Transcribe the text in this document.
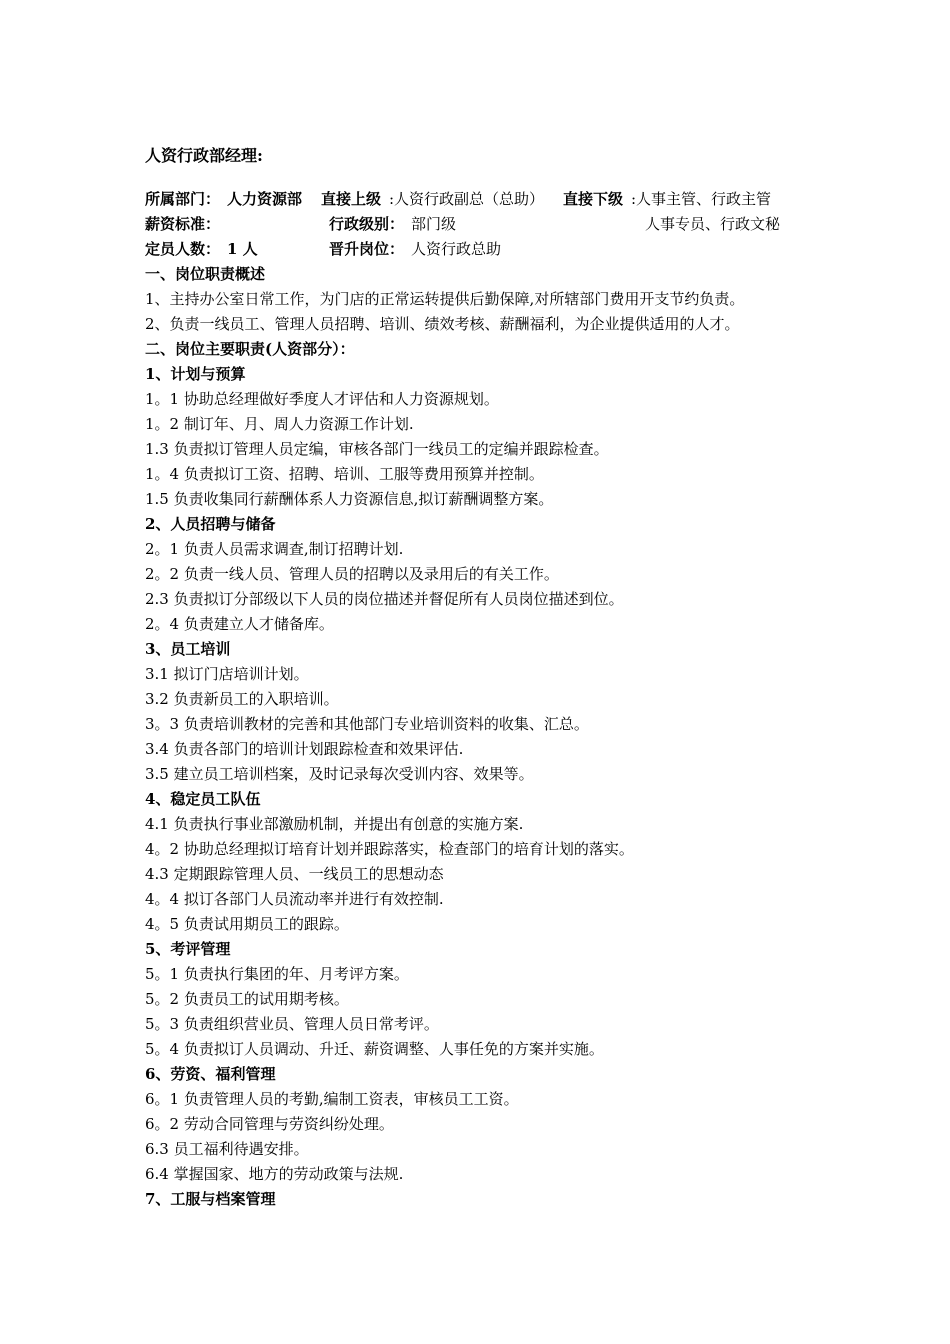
人资行政部经理:
所属部门： 人力资源部 直接上级 :人资行政副总（总助） 直接下级 :人事主管、行政主管
薪资标准：	行政级别： 部门级	人事专员、行政文秘
定员人数： 1 人	晋升岗位： 人资行政总助
一、岗位职责概述
1、主持办公室日常工作，为门店的正常运转提供后勤保障,对所辖部门费用开支节约负责。
2、负责一线员工、管理人员招聘、培训、绩效考核、薪酬福利，为企业提供适用的人才。
二、岗位主要职责(人资部分）：
1、计划与预算
1。1 协助总经理做好季度人才评估和人力资源规划。
1。2 制订年、月、周人力资源工作计划.
1.3 负责拟订管理人员定编，审核各部门一线员工的定编并跟踪检查。
1。4 负责拟订工资、招聘、培训、工服等费用预算并控制。
1.5 负责收集同行薪酬体系人力资源信息,拟订薪酬调整方案。
2、人员招聘与储备
2。1 负责人员需求调查,制订招聘计划.
2。2 负责一线人员、管理人员的招聘以及录用后的有关工作。
2.3 负责拟订分部级以下人员的岗位描述并督促所有人员岗位描述到位。
2。4 负责建立人才储备库。
3、员工培训
3.1 拟订门店培训计划。
3.2 负责新员工的入职培训。
3。3 负责培训教材的完善和其他部门专业培训资料的收集、汇总。
3.4 负责各部门的培训计划跟踪检查和效果评估.
3.5 建立员工培训档案，及时记录每次受训内容、效果等。
4、稳定员工队伍
4.1 负责执行事业部激励机制，并提出有创意的实施方案.
4。2 协助总经理拟订培育计划并跟踪落实，检查部门的培育计划的落实。
4.3 定期跟踪管理人员、一线员工的思想动态
4。4 拟订各部门人员流动率并进行有效控制.
4。5 负责试用期员工的跟踪。
5、考评管理
5。1 负责执行集团的年、月考评方案。
5。2 负责员工的试用期考核。
5。3 负责组织营业员、管理人员日常考评。
5。4 负责拟订人员调动、升迁、薪资调整、人事任免的方案并实施。
6、劳资、福利管理
6。1 负责管理人员的考勤,编制工资表，审核员工工资。
6。2 劳动合同管理与劳资纠纷处理。
6.3 员工福利待遇安排。
6.4 掌握国家、地方的劳动政策与法规.
7、工服与档案管理
